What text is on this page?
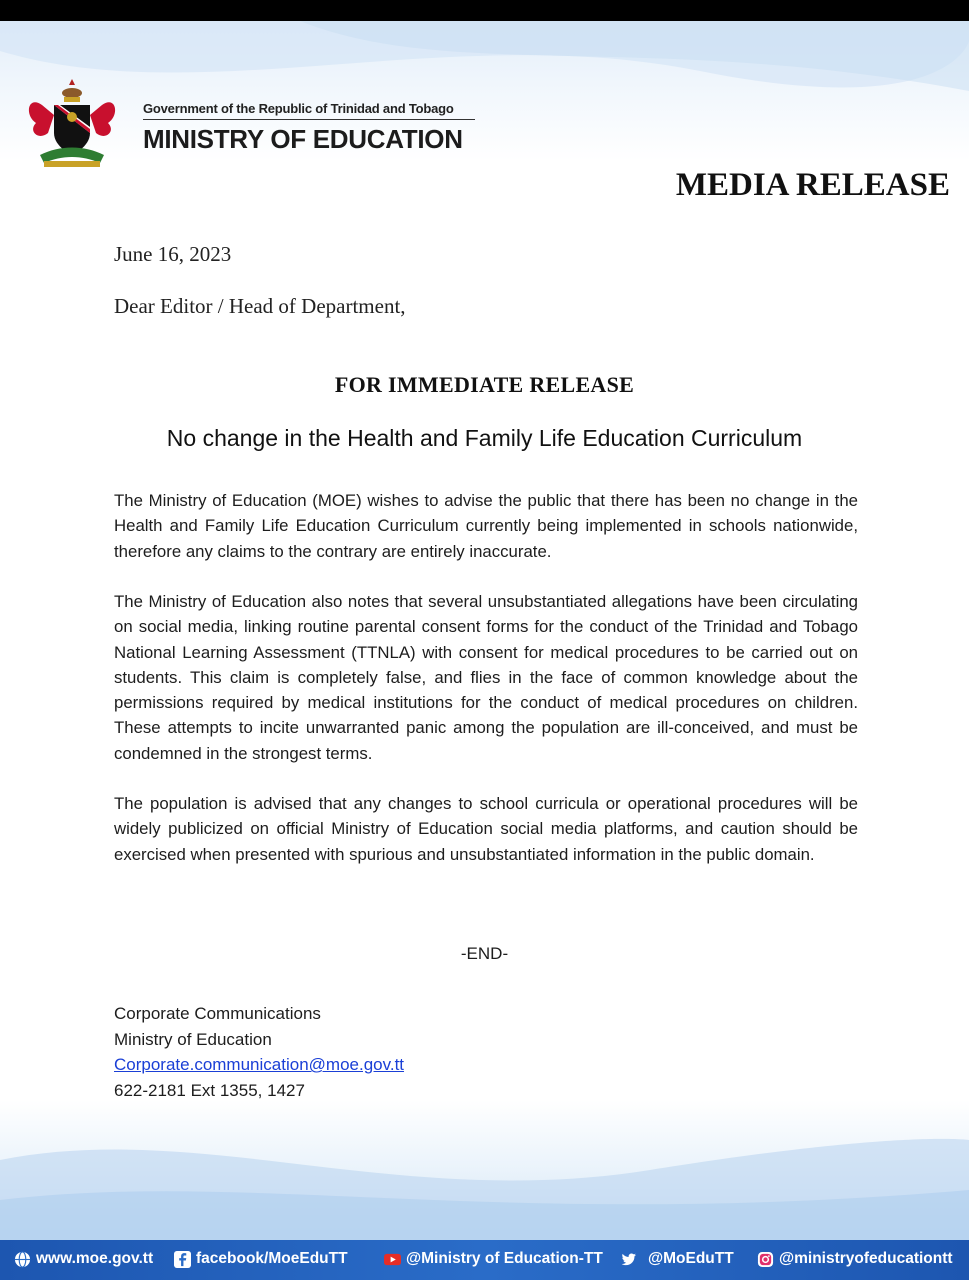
Government of the Republic of Trinidad and Tobago
MINISTRY OF EDUCATION
MEDIA RELEASE
June 16, 2023
Dear Editor / Head of Department,
FOR IMMEDIATE RELEASE
No change in the Health and Family Life Education Curriculum
The Ministry of Education (MOE) wishes to advise the public that there has been no change in the Health and Family Life Education Curriculum currently being implemented in schools nationwide, therefore any claims to the contrary are entirely inaccurate.
The Ministry of Education also notes that several unsubstantiated allegations have been circulating on social media, linking routine parental consent forms for the conduct of the Trinidad and Tobago National Learning Assessment (TTNLA) with consent for medical procedures to be carried out on students. This claim is completely false, and flies in the face of common knowledge about the permissions required by medical institutions for the conduct of medical procedures on children. These attempts to incite unwarranted panic among the population are ill-conceived, and must be condemned in the strongest terms.
The population is advised that any changes to school curricula or operational procedures will be widely publicized on official Ministry of Education social media platforms, and caution should be exercised when presented with spurious and unsubstantiated information in the public domain.
-END-
Corporate Communications
Ministry of Education
Corporate.communication@moe.gov.tt
622-2181 Ext 1355, 1427
www.moe.gov.tt	facebook/MoeEduTT	@Ministry of Education-TT	@MoEduTT	@ministryofeducationtt
